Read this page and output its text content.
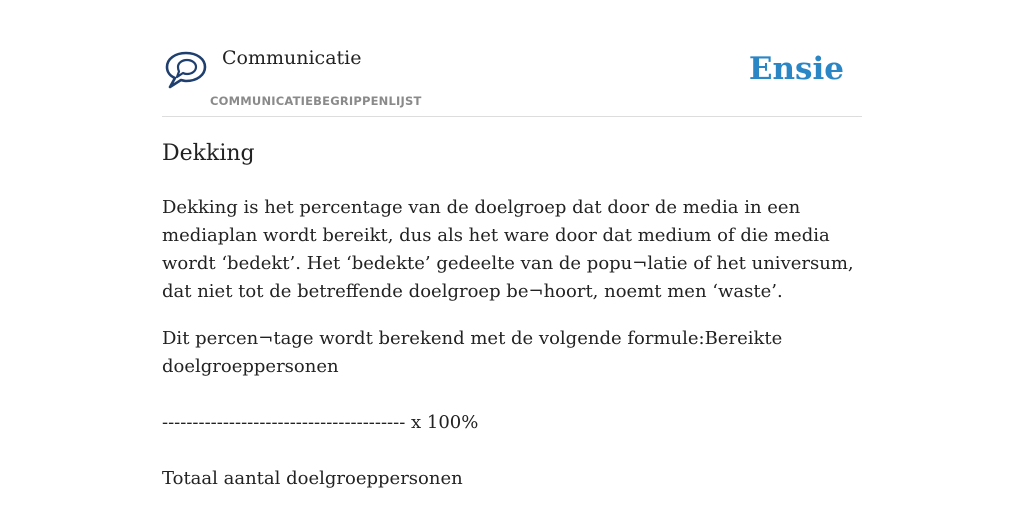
Communicatie
COMMUNICATIEBEGRIPPENLIJST
Ensie
Dekking

Dekking is het percentage van de doelgroep dat door de media in een mediaplan wordt bereikt, dus als het ware door dat medium of die media wordt ‘bedekt’. Het ‘bedekte’ gedeelte van de popu¬latie of het universum, dat niet tot de betreffende doelgroep be¬hoort, noemt men ‘waste’.

Dit percen¬tage wordt berekend met de volgende formule:Bereikte doelgroeppersonen

---------------------------------------- x 100%

Totaal aantal doelgroeppersonen
